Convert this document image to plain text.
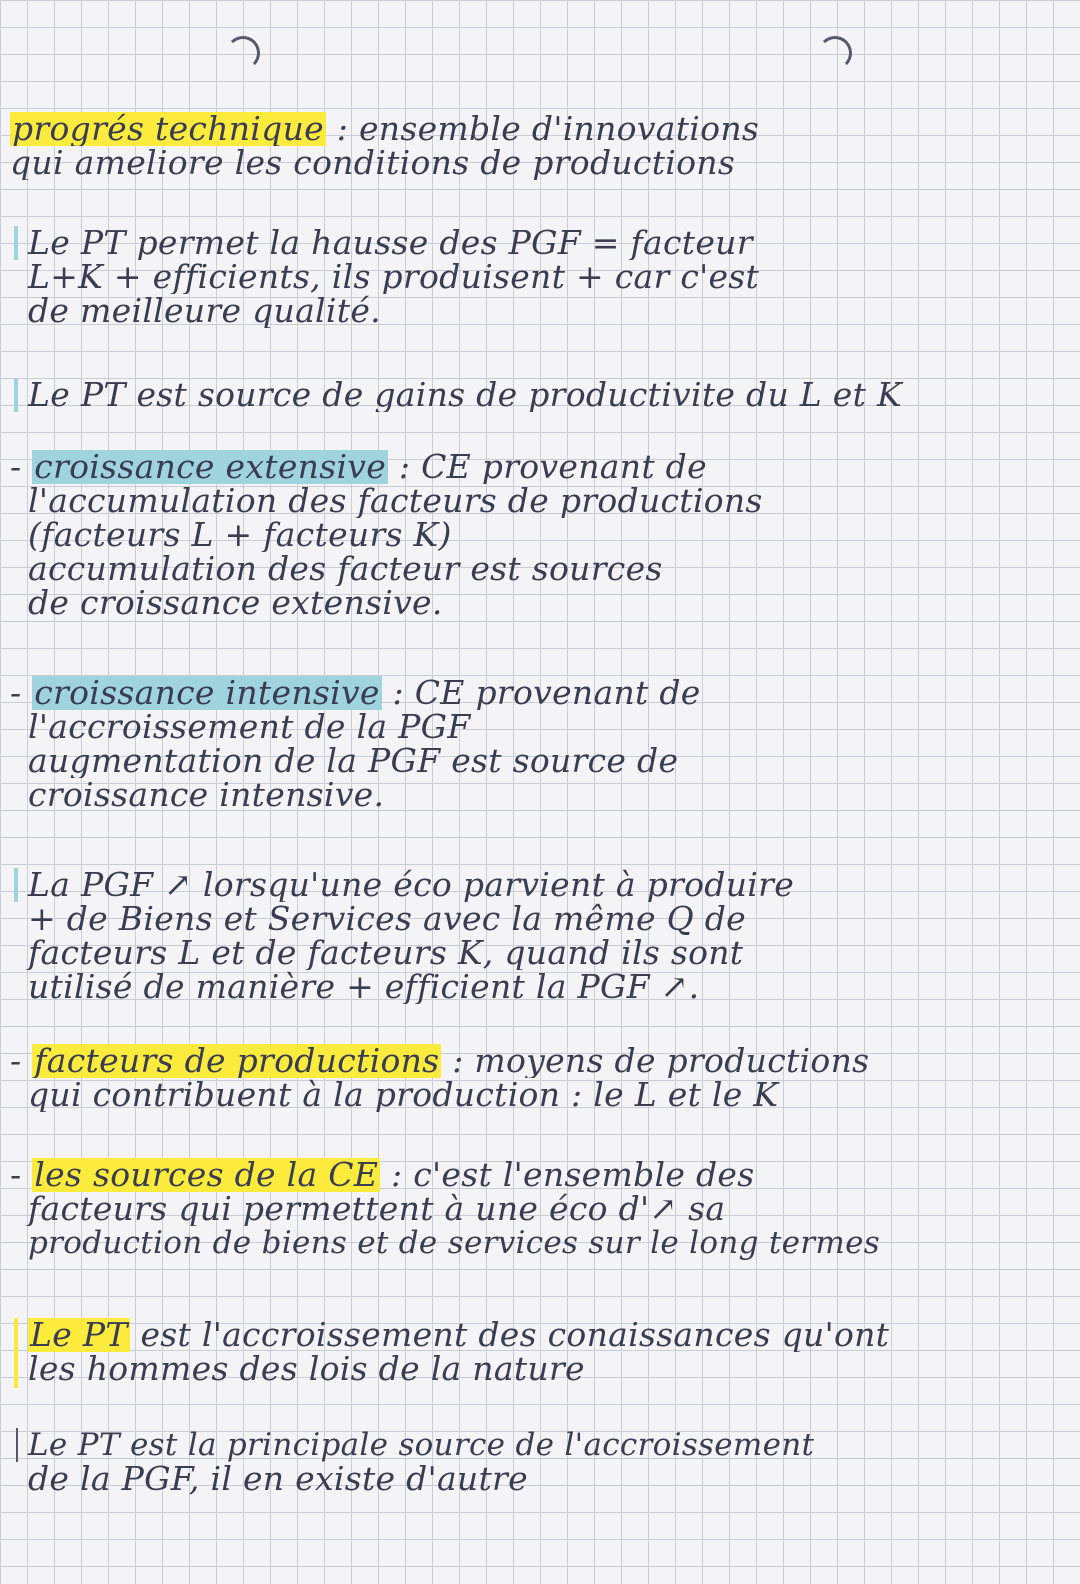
progrés technique : ensemble d'innovations
qui ameliore les conditions de productions
Le PT permet la hausse des PGF = facteur
L+K + efficients, ils produisent + car c'est
de meilleure qualité.
Le PT est source de gains de productivite du L et K
- croissance extensive : CE provenant de
l'accumulation des facteurs de productions
(facteurs L + facteurs K)
accumulation des facteur est sources
de croissance extensive.
- croissance intensive : CE provenant de
l'accroissement de la PGF
augmentation de la PGF est source de
croissance intensive.
La PGF ↗ lorsqu'une éco parvient à produire
+ de Biens et Services avec la même Q de
facteurs L et de facteurs K, quand ils sont
utilisé de manière + efficient la PGF ↗.
- facteurs de productions : moyens de productions
qui contribuent à la production : le L et le K
- les sources de la CE : c'est l'ensemble des
facteurs qui permettent à une éco d'↗ sa
production de biens et de services sur le long termes
Le PT est l'accroissement des conaissances qu'ont
les hommes des lois de la nature
Le PT est la principale source de l'accroissement
de la PGF, il en existe d'autre
